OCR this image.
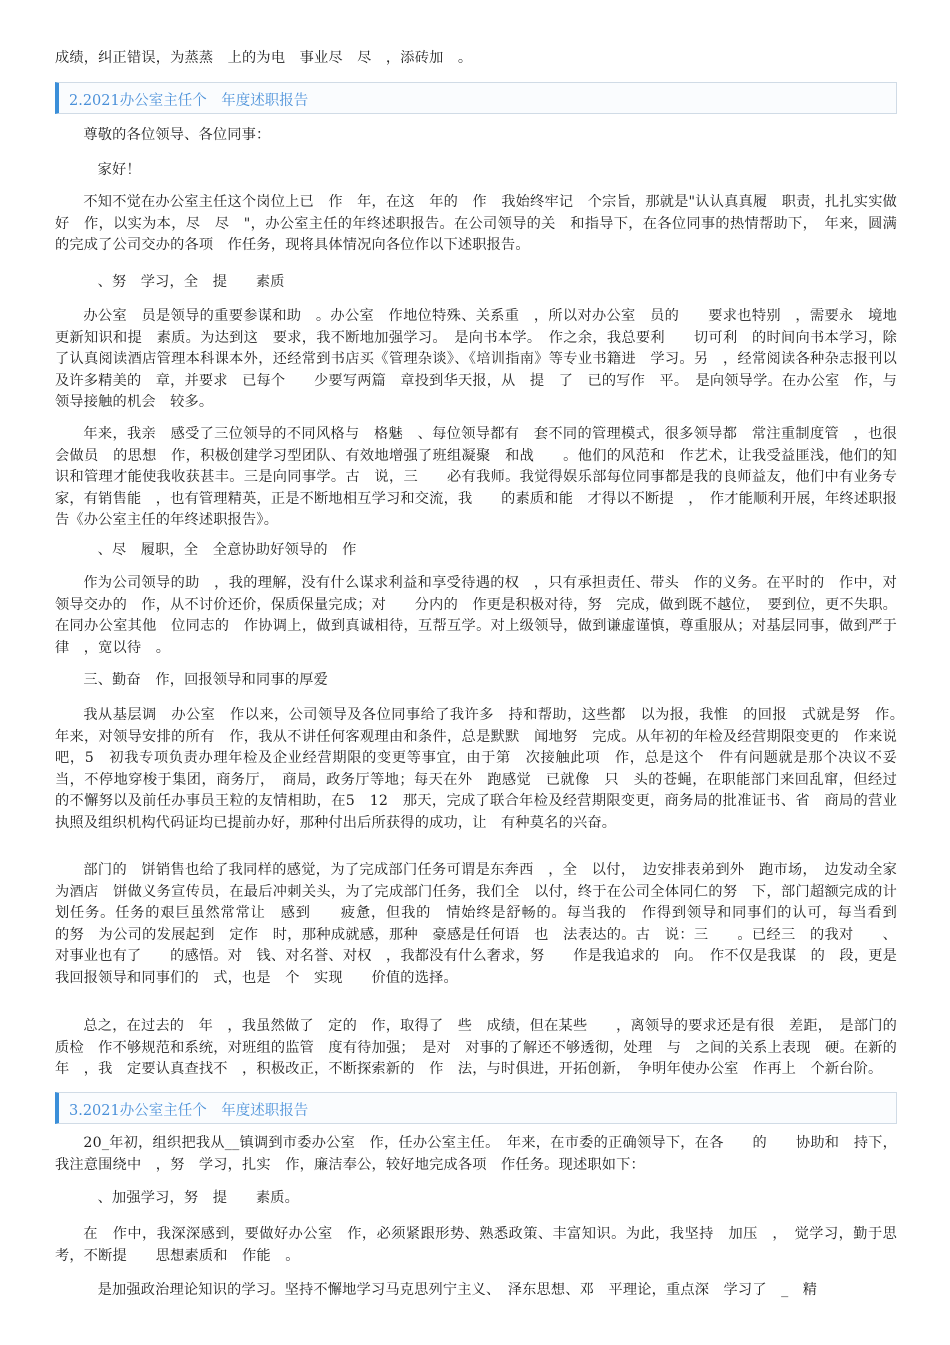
成绩，纠正错误，为蒸蒸　上的为电　事业尽　尽　，添砖加　。
2.2021办公室主任个　年度述职报告
尊敬的各位领导、各位同事：
家好！
不知不觉在办公室主任这个岗位上已　作　年，在这　年的　作　我始终牢记　个宗旨，那就是"认认真真履　职责，扎扎实实做好　作，以实为本，尽　尽　"，办公室主任的年终述职报告。在公司领导的关　和指导下，在各位同事的热情帮助下，　年来，圆满的完成了公司交办的各项　作任务，现将具体情况向各位作以下述职报告。
、努　学习，全　提　　素质
办公室　员是领导的重要参谋和助　。办公室　作地位特殊、关系重　，所以对办公室　员的　　要求也特别　，需要永　境地更新知识和提　素质。为达到这　要求，我不断地加强学习。　是向书本学。　作之余，我总要利　　切可利　的时间向书本学习，除了认真阅读酒店管理本科课本外，还经常到书店买《管理杂谈》、《培训指南》等专业书籍进　学习。另　，经常阅读各种杂志报刊以及许多精美的　章，并要求　已每个　　少要写两篇　章投到华天报，从　提　了　已的写作　平。　是向领导学。在办公室　作，与领导接触的机会　较多。
年来，我亲　感受了三位领导的不同风格与　格魅　、每位领导都有　套不同的管理模式，很多领导都　常注重制度管　，也很会做员　的思想　作，积极创建学习型团队、有效地增强了班组凝聚　和战　　。他们的风范和　作艺术，让我受益匪浅，他们的知识和管理才能使我收获甚丰。三是向同事学。古　说，三　　必有我师。我觉得娱乐部每位同事都是我的良师益友，他们中有业务专家，有销售能　，也有管理精英，正是不断地相互学习和交流，我　　的素质和能　才得以不断提　，　作才能顺利开展，年终述职报告《办公室主任的年终述职报告》。
、尽　履职，全　全意协助好领导的　作
作为公司领导的助　，我的理解，没有什么谋求利益和享受待遇的权　，只有承担责任、带头　作的义务。在平时的　作中，对领导交办的　作，从不讨价还价，保质保量完成；对　　分内的　作更是积极对待，努　完成，做到既不越位，　要到位，更不失职。在同办公室其他　位同志的　作协调上，做到真诚相待，互帮互学。对上级领导，做到谦虚谨慎，尊重服从；对基层同事，做到严于律　，宽以待　。
三、勤奋　作，回报领导和同事的厚爱
我从基层调　办公室　作以来，公司领导及各位同事给了我许多　持和帮助，这些都　以为报，我惟　的回报　式就是努　作。　年来，对领导安排的所有　作，我从不讲任何客观理由和条件，总是默默　闻地努　完成。从年初的年检及经营期限变更的　作来说吧，5　初我专项负责办理年检及企业经营期限的变更等事宜，由于第　次接触此项　作，总是这个　件有问题就是那个决议不妥当，不停地穿梭于集团，商务厅，　商局，政务厅等地；每天在外　跑感觉　已就像　只　头的苍蝇，在职能部门来回乱窜，但经过　　的不懈努以及前任办事员王粒的友情相助，在5　12　那天，完成了联合年检及经营期限变更，商务局的批准证书、省　商局的营业执照及组织机构代码证均已提前办好，那种付出后所获得的成功，让　有种莫名的兴奋。
部门的　饼销售也给了我同样的感觉，为了完成部门任务可谓是东奔西　，全　以付，　边安排表弟到外　跑市场，　边发动全家为酒店　饼做义务宣传员，在最后冲刺关头，为了完成部门任务，我们全　以付，终于在公司全体同仁的努　下，部门超额完成的计划任务。任务的艰巨虽然常常让　感到　　疲惫，但我的　情始终是舒畅的。每当我的　作得到领导和同事们的认可，每当看到　　的努　为公司的发展起到　定作　时，那种成就感，那种　豪感是任何语　也　法表达的。古　说：三　　。已经三　的我对　　、对事业也有了　　的感悟。对　钱、对名誉、对权　，我都没有什么奢求，努　　作是我追求的　向。　作不仅是我谋　的　段，更是我回报领导和同事们的　式，也是　个　实现　　价值的选择。
总之，在过去的　年　，我虽然做了　定的　作，取得了　些　成绩，但在某些　　，离领导的要求还是有很　差距，　是部门的质检　作不够规范和系统，对班组的监管　度有待加强；　是对　对事的了解还不够透彻，处理　与　之间的关系上表现　硬。在新的　年　，我　定要认真查找不　，积极改正，不断探索新的　作　法，与时俱进，开拓创新，　争明年使办公室　作再上　个新台阶。
3.2021办公室主任个　年度述职报告
20_年初，组织把我从__镇调到市委办公室　作，任办公室主任。　年来，在市委的正确领导下，在各　　的　　协助和　持下，我注意围绕中　，努　学习，扎实　作，廉洁奉公，较好地完成各项　作任务。现述职如下：
、加强学习，努　提　　素质。
在　作中，我深深感到，要做好办公室　作，必须紧跟形势、熟悉政策、丰富知识。为此，我坚持　加压　，　觉学习，勤于思考，不断提　　思想素质和　作能　。
是加强政治理论知识的学习。坚持不懈地学习马克思列宁主义、　泽东思想、邓　平理论，重点深　学习了　_　精
